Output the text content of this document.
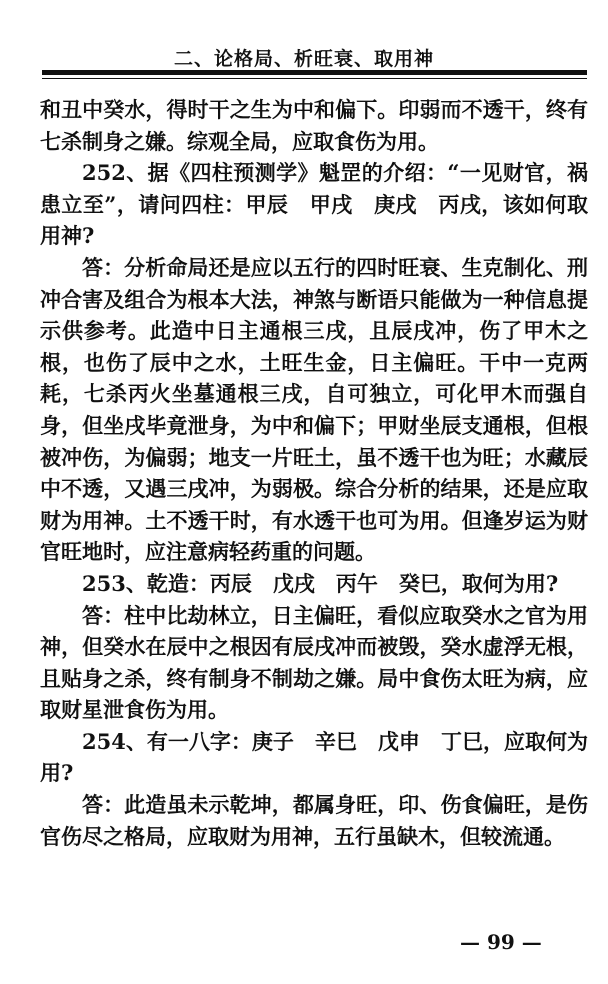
二、论格局、析旺衰、取用神

和丑中癸水，得时干之生为中和偏下。印弱而不透干，终有七杀制身之嫌。综观全局，应取食伤为用。

252、据《四柱预测学》魁罡的介绍：“一见财官，祸患立至”，请问四柱：甲辰　甲戌　庚戌　丙戌，该如何取用神?

答：分析命局还是应以五行的四时旺衰、生克制化、刑冲合害及组合为根本大法，神煞与断语只能做为一种信息提示供参考。此造中日主通根三戌，且辰戌冲，伤了甲木之根，也伤了辰中之水，土旺生金，日主偏旺。干中一克两耗，七杀丙火坐墓通根三戌，自可独立，可化甲木而强自身，但坐戌毕竟泄身，为中和偏下；甲财坐辰支通根，但根被冲伤，为偏弱；地支一片旺土，虽不透干也为旺；水藏辰中不透，又遇三戌冲，为弱极。综合分析的结果，还是应取财为用神。土不透干时，有水透干也可为用。但逢岁运为财官旺地时，应注意病轻药重的问题。

253、乾造：丙辰　戊戌　丙午　癸巳，取何为用?

答：柱中比劫林立，日主偏旺，看似应取癸水之官为用神，但癸水在辰中之根因有辰戌冲而被毁，癸水虚浮无根，且贴身之杀，终有制身不制劫之嫌。局中食伤太旺为病，应取财星泄食伤为用。

254、有一八字：庚子　辛巳　戊申　丁巳，应取何为用?

答：此造虽未示乾坤，都属身旺，印、伤食偏旺，是伤官伤尽之格局，应取财为用神，五行虽缺木，但较流通。

— 99 —
